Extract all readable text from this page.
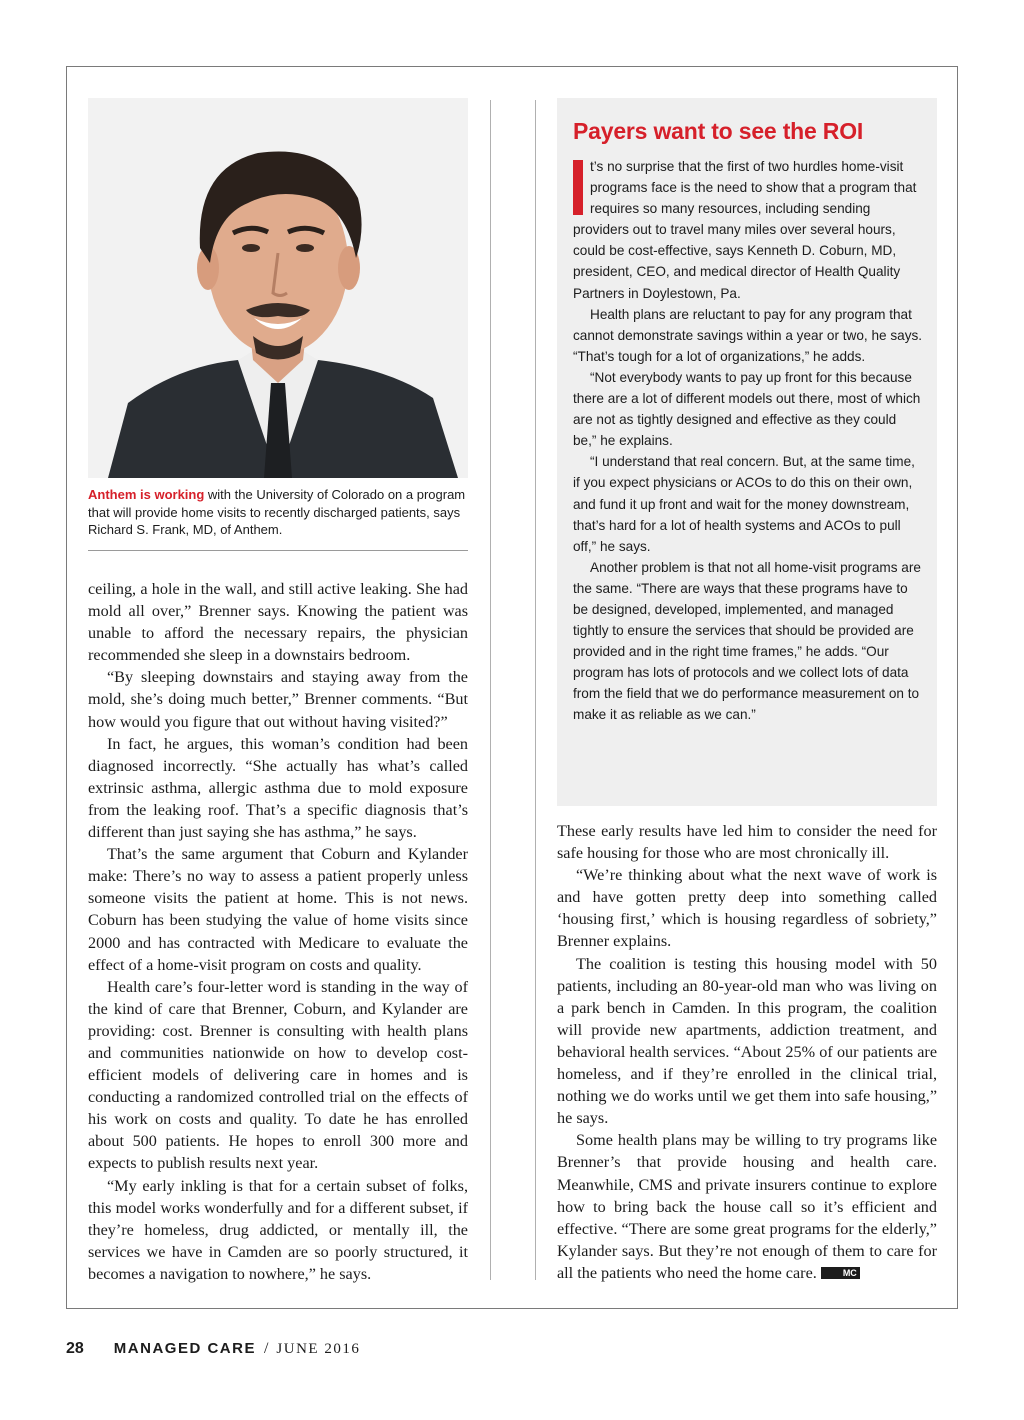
Anthem is working with the University of Colorado on a program that will provide home visits to recently discharged patients, says Richard S. Frank, MD, of Anthem.

ceiling, a hole in the wall, and still active leaking. She had mold all over,” Brenner says. Knowing the patient was unable to afford the necessary repairs, the physician recommended she sleep in a downstairs bedroom.

“By sleeping downstairs and staying away from the mold, she’s doing much better,” Brenner comments. “But how would you figure that out without having visited?”

In fact, he argues, this woman’s condition had been diagnosed incorrectly. “She actually has what’s called extrinsic asthma, allergic asthma due to mold exposure from the leaking roof. That’s a specific diagnosis that’s different than just saying she has asthma,” he says.

That’s the same argument that Coburn and Kylander make: There’s no way to assess a patient properly unless someone visits the patient at home. This is not news. Coburn has been studying the value of home visits since 2000 and has contracted with Medicare to evaluate the effect of a home-visit program on costs and quality.

Health care’s four-letter word is standing in the way of the kind of care that Brenner, Coburn, and Kylander are providing: cost. Brenner is consulting with health plans and communities nationwide on how to develop cost-efficient models of delivering care in homes and is conducting a randomized controlled trial on the effects of his work on costs and quality. To date he has enrolled about 500 patients. He hopes to enroll 300 more and expects to publish results next year.

“My early inkling is that for a certain subset of folks, this model works wonderfully and for a different subset, if they’re homeless, drug addicted, or mentally ill, the services we have in Camden are so poorly structured, it becomes a navigation to nowhere,” he says.

Payers want to see the ROI

I	t’s no surprise that the first of two hurdles home-visit programs face is the need to show that a program that requires so many resources, including sending providers out to travel many miles over several hours, could be cost-effective, says Kenneth D. Coburn, MD, president, CEO, and medical director of Health Quality Partners in Doylestown, Pa.

Health plans are reluctant to pay for any program that cannot demonstrate savings within a year or two, he says. “That’s tough for a lot of organizations,” he adds.

“Not everybody wants to pay up front for this because there are a lot of different models out there, most of which are not as tightly designed and effective as they could be,” he explains.

“I understand that real concern. But, at the same time, if you expect physicians or ACOs to do this on their own, and fund it up front and wait for the money downstream, that’s hard for a lot of health systems and ACOs to pull off,” he says.

Another problem is that not all home-visit programs are the same. “There are ways that these programs have to be designed, developed, implemented, and managed tightly to ensure the services that should be provided are provided and in the right time frames,” he adds. “Our program has lots of protocols and we collect lots of data from the field that we do performance measurement on to make it as reliable as we can.”

These early results have led him to consider the need for safe housing for those who are most chronically ill.

“We’re thinking about what the next wave of work is and have gotten pretty deep into something called ‘housing first,’ which is housing regardless of sobriety,” Brenner explains.

The coalition is testing this housing model with 50 patients, including an 80-year-old man who was living on a park bench in Camden. In this program, the coalition will provide new apartments, addiction treatment, and behavioral health services. “About 25% of our patients are homeless, and if they’re enrolled in the clinical trial, nothing we do works until we get them into safe housing,” he says.

Some health plans may be willing to try programs like Brenner’s that provide housing and health care. Meanwhile, CMS and private insurers continue to explore how to bring back the house call so it’s efficient and effective. “There are some great programs for the elderly,” Kylander says. But they’re not enough of them to care for all the patients who need the home care.	MC

28 MANAGED CARE / JUNE 2016
